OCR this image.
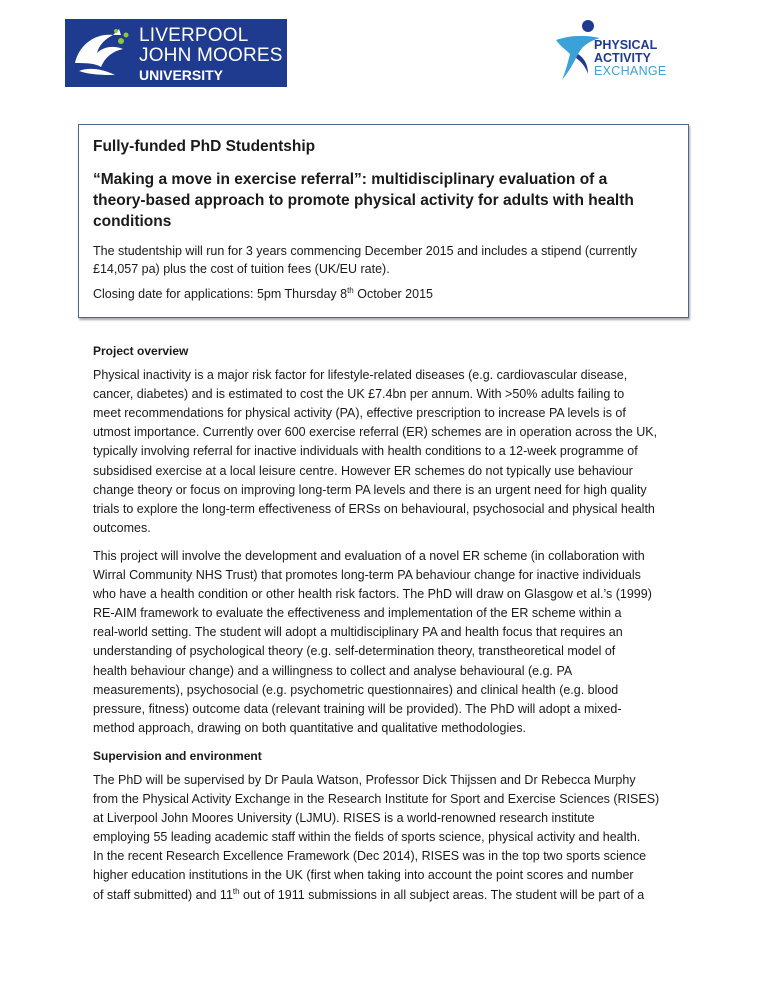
LIVERPOOL
JOHN MOORES
UNIVERSITY
PHYSICAL
ACTIVITY
EXCHANGE

Fully-funded PhD Studentship

“Making a move in exercise referral”: multidisciplinary evaluation of a
theory-based approach to promote physical activity for adults with health
conditions

The studentship will run for 3 years commencing December 2015 and includes a stipend (currently
£14,057 pa) plus the cost of tuition fees (UK/EU rate).

Closing date for applications: 5pm Thursday 8th October 2015

Project overview

Physical inactivity is a major risk factor for lifestyle-related diseases (e.g. cardiovascular disease,
cancer, diabetes) and is estimated to cost the UK £7.4bn per annum. With >50% adults failing to
meet recommendations for physical activity (PA), effective prescription to increase PA levels is of
utmost importance. Currently over 600 exercise referral (ER) schemes are in operation across the UK,
typically involving referral for inactive individuals with health conditions to a 12-week programme of
subsidised exercise at a local leisure centre. However ER schemes do not typically use behaviour
change theory or focus on improving long-term PA levels and there is an urgent need for high quality
trials to explore the long-term effectiveness of ERSs on behavioural, psychosocial and physical health
outcomes.

This project will involve the development and evaluation of a novel ER scheme (in collaboration with
Wirral Community NHS Trust) that promotes long-term PA behaviour change for inactive individuals
who have a health condition or other health risk factors. The PhD will draw on Glasgow et al.’s (1999)
RE-AIM framework to evaluate the effectiveness and implementation of the ER scheme within a
real-world setting. The student will adopt a multidisciplinary PA and health focus that requires an
understanding of psychological theory (e.g. self-determination theory, transtheoretical model of
health behaviour change) and a willingness to collect and analyse behavioural (e.g. PA
measurements), psychosocial (e.g. psychometric questionnaires) and clinical health (e.g. blood
pressure, fitness) outcome data (relevant training will be provided). The PhD will adopt a mixed-
method approach, drawing on both quantitative and qualitative methodologies.

Supervision and environment

The PhD will be supervised by Dr Paula Watson, Professor Dick Thijssen and Dr Rebecca Murphy
from the Physical Activity Exchange in the Research Institute for Sport and Exercise Sciences (RISES)
at Liverpool John Moores University (LJMU). RISES is a world-renowned research institute
employing 55 leading academic staff within the fields of sports science, physical activity and health.
In the recent Research Excellence Framework (Dec 2014), RISES was in the top two sports science
higher education institutions in the UK (first when taking into account the point scores and number
of staff submitted) and 11th out of 1911 submissions in all subject areas. The student will be part of a
